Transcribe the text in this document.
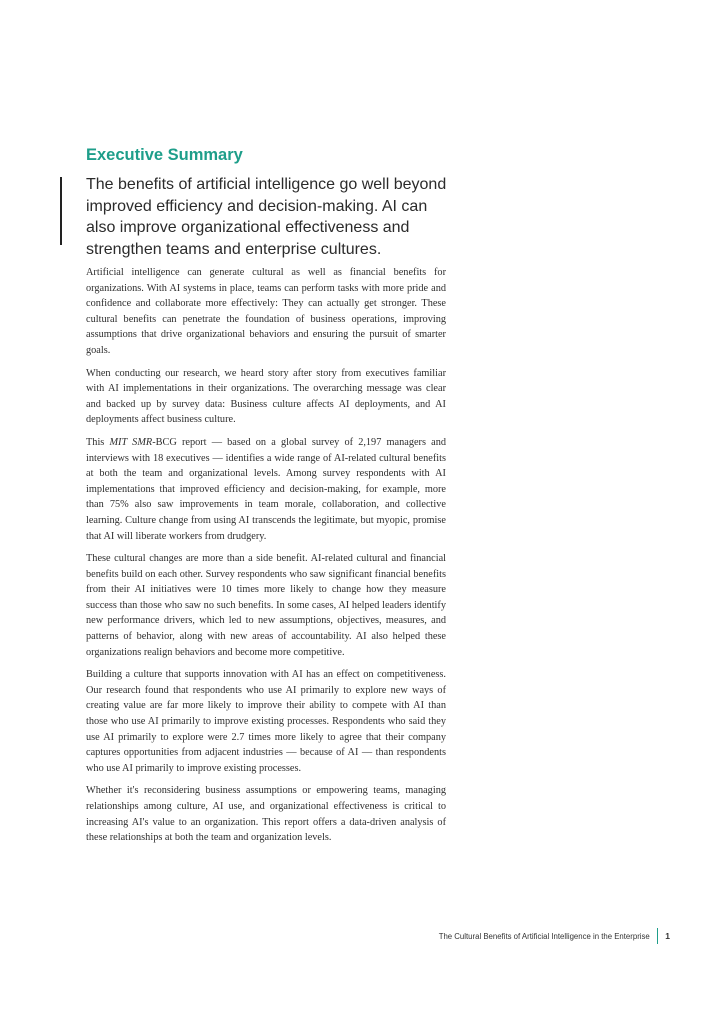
Executive Summary

The benefits of artificial intelligence go well beyond improved efficiency and decision-making. AI can also improve organizational effectiveness and strengthen teams and enterprise cultures.

Artificial intelligence can generate cultural as well as financial benefits for organizations. With AI systems in place, teams can perform tasks with more pride and confidence and collaborate more effectively: They can actually get stronger. These cultural benefits can penetrate the foundation of business operations, improving assumptions that drive organizational behaviors and ensuring the pursuit of smarter goals.

When conducting our research, we heard story after story from executives familiar with AI implementations in their organizations. The overarching message was clear and backed up by survey data: Business culture affects AI deployments, and AI deployments affect business culture.

This MIT SMR-BCG report — based on a global survey of 2,197 managers and interviews with 18 executives — identifies a wide range of AI-related cultural benefits at both the team and organizational levels. Among survey respondents with AI implementations that improved efficiency and decision-making, for example, more than 75% also saw improvements in team morale, collaboration, and collective learning. Culture change from using AI transcends the legitimate, but myopic, promise that AI will liberate workers from drudgery.

These cultural changes are more than a side benefit. AI-related cultural and financial benefits build on each other. Survey respondents who saw significant financial benefits from their AI initiatives were 10 times more likely to change how they measure success than those who saw no such benefits. In some cases, AI helped leaders identify new performance drivers, which led to new assumptions, objectives, measures, and patterns of behavior, along with new areas of accountability. AI also helped these organizations realign behaviors and become more competitive.

Building a culture that supports innovation with AI has an effect on competitiveness. Our research found that respondents who use AI primarily to explore new ways of creating value are far more likely to improve their ability to compete with AI than those who use AI primarily to improve existing processes. Respondents who said they use AI primarily to explore were 2.7 times more likely to agree that their company captures opportunities from adjacent industries — because of AI — than respondents who use AI primarily to improve existing processes.

Whether it's reconsidering business assumptions or empowering teams, managing relationships among culture, AI use, and organizational effectiveness is critical to increasing AI's value to an organization. This report offers a data-driven analysis of these relationships at both the team and organization levels.

The Cultural Benefits of Artificial Intelligence in the Enterprise 1
